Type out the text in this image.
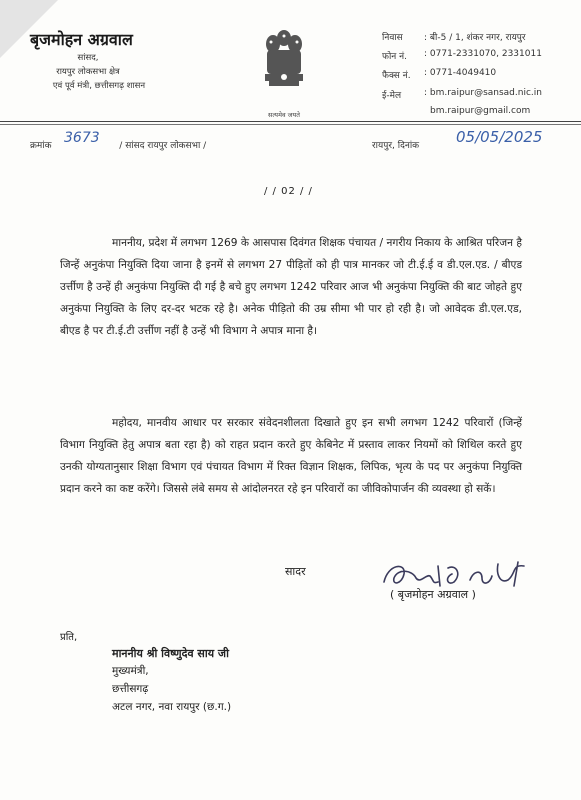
बृजमोहन अग्रवाल
सांसद,
रायपुर लोकसभा क्षेत्र
एवं पूर्व मंत्री, छत्तीसगढ़ शासन
सत्यमेव जयते
निवास	: बी-5 / 1, शंकर नगर, रायपुर
फोन नं.	: 0771-2331070, 2331011
फैक्स नं.	: 0771-4049410
ई-मेल	: bm.raipur@sansad.nic.in
bm.raipur@gmail.com
क्रमांक	/ सांसद रायपुर लोकसभा /
3673	रायपुर, दिनांक 05/05/2025
/ / 02 / /
माननीय, प्रदेश में लगभग 1269 के आसपास दिवंगत शिक्षक पंचायत / नगरीय निकाय के आश्रित परिजन है जिन्हें अनुकंपा नियुक्ति दिया जाना है इनमें से लगभग 27 पीड़ितों को ही पात्र मानकर जो टी.ई.ई व डी.एल.एड. / बीएड उर्त्तीण है उन्हें ही अनुकंपा नियुक्ति दी गई है बचे हुए लगभग 1242 परिवार आज भी अनुकंपा नियुक्ति की बाट जोहते हुए अनुकंपा नियुक्ति के लिए दर-दर भटक रहे है। अनेक पीड़ितो की उम्र सीमा भी पार हो रही है। जो आवेदक डी.एल.एड, बीएड है पर टी.ई.टी उर्त्तीण नहीं है उन्हें भी विभाग ने अपात्र माना है।
महोदय, मानवीय आधार पर सरकार संवेदनशीलता दिखाते हुए इन सभी लगभग 1242 परिवारों (जिन्हें विभाग नियुक्ति हेतु अपात्र बता रहा है) को राहत प्रदान करते हुए केबिनेट में प्रस्ताव लाकर नियमों को शिथिल करते हुए उनकी योग्यतानुसार शिक्षा विभाग एवं पंचायत विभाग में रिक्त विज्ञान शिक्षक, लिपिक, भृत्य के पद पर अनुकंपा नियुक्ति प्रदान करने का कष्ट करेंगे। जिससे लंबे समय से आंदोलनरत रहे इन परिवारों का जीविकोपार्जन की व्यवस्था हो सकें।
सादर
( बृजमोहन अग्रवाल )
प्रति,
माननीय श्री विष्णुदेव साय जी
मुख्यमंत्री,
छत्तीसगढ़
अटल नगर, नवा रायपुर (छ.ग.)
